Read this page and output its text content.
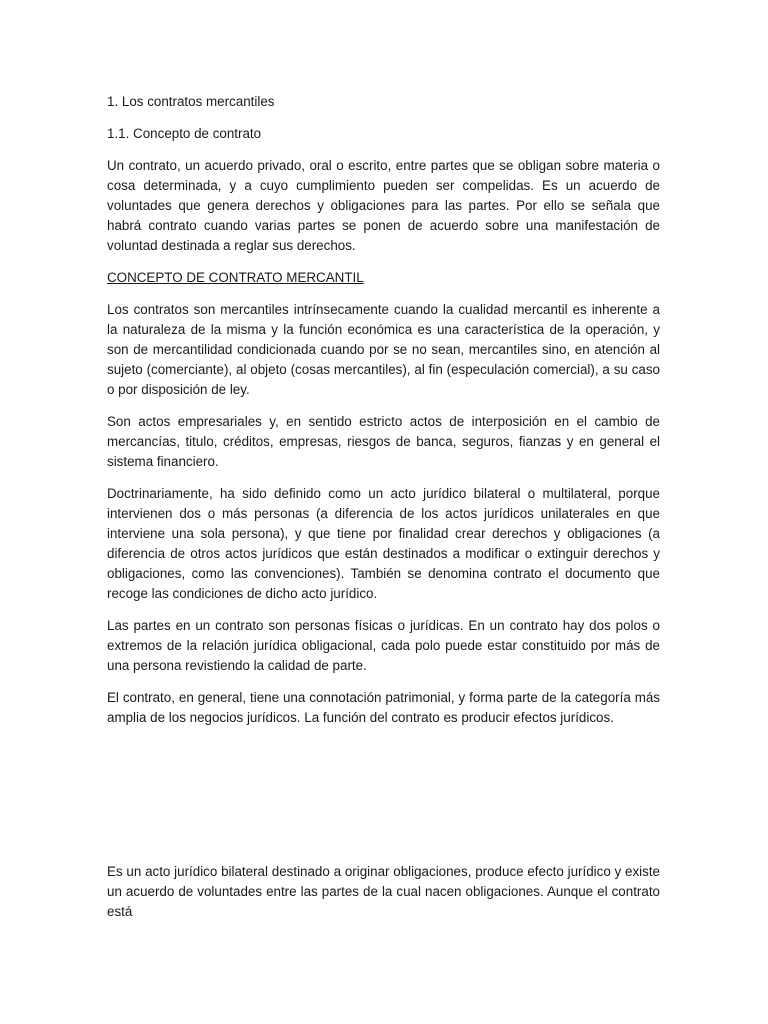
1. Los contratos mercantiles

1.1. Concepto de contrato

Un contrato, un acuerdo privado, oral o escrito, entre partes que se obligan sobre materia o cosa determinada, y a cuyo cumplimiento pueden ser compelidas. Es un acuerdo de voluntades que genera derechos y obligaciones para las partes. Por ello se señala que habrá contrato cuando varias partes se ponen de acuerdo sobre una manifestación de voluntad destinada a reglar sus derechos.

CONCEPTO DE CONTRATO MERCANTIL

Los contratos son mercantiles intrínsecamente cuando la cualidad mercantil es inherente a la naturaleza de la misma y la función económica es una característica de la operación, y son de mercantilidad condicionada cuando por se no sean, mercantiles sino, en atención al sujeto (comerciante), al objeto (cosas mercantiles), al fin (especulación comercial), a su caso o por disposición de ley.

Son actos empresariales y, en sentido estricto actos de interposición en el cambio de mercancías, titulo, créditos, empresas, riesgos de banca, seguros, fianzas y en general el sistema financiero.

Doctrinariamente, ha sido definido como un acto jurídico bilateral o multilateral, porque intervienen dos o más personas (a diferencia de los actos jurídicos unilaterales en que interviene una sola persona), y que tiene por finalidad crear derechos y obligaciones (a diferencia de otros actos jurídicos que están destinados a modificar o extinguir derechos y obligaciones, como las convenciones). También se denomina contrato el documento que recoge las condiciones de dicho acto jurídico.

Las partes en un contrato son personas físicas o jurídicas. En un contrato hay dos polos o extremos de la relación jurídica obligacional, cada polo puede estar constituido por más de una persona revistiendo la calidad de parte.

El contrato, en general, tiene una connotación patrimonial, y forma parte de la categoría más amplia de los negocios jurídicos. La función del contrato es producir efectos jurídicos.

Es un acto jurídico bilateral destinado a originar obligaciones, produce efecto jurídico y existe un acuerdo de voluntades entre las partes de la cual nacen obligaciones. Aunque el contrato está
